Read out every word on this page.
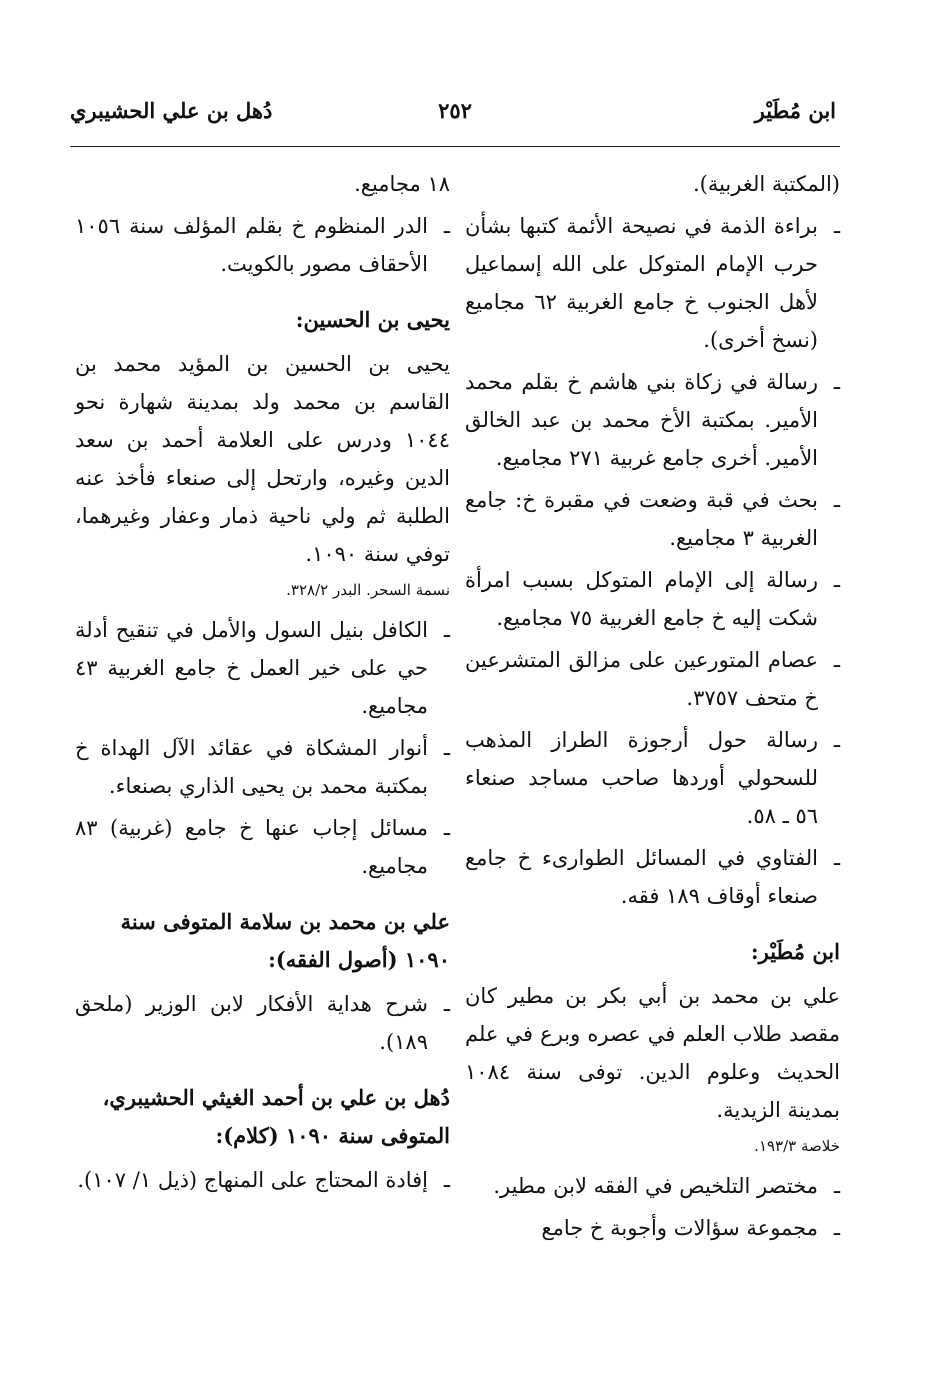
ابن مُطَيْر
٢٥٢
دُهل بن علي الحشيبري

(المكتبة الغربية).

ـ
براءة الذمة في نصيحة الأئمة كتبها بشأن حرب الإمام المتوكل على الله إسماعيل لأهل الجنوب خ جامع الغربية ٦٢ مجاميع (نسخ أخرى).
ـ
رسالة في زكاة بني هاشم خ بقلم محمد الأمير. بمكتبة الأخ محمد بن عبد الخالق الأمير. أخرى جامع غربية ٢٧١ مجاميع.
ـ
بحث في قبة وضعت في مقبرة خ: جامع الغربية ٣ مجاميع.
ـ
رسالة إلى الإمام المتوكل بسبب امرأة شكت إليه خ جامع الغربية ٧٥ مجاميع.
ـ
عصام المتورعين على مزالق المتشرعين خ متحف ٣٧٥٧.
ـ
رسالة حول أرجوزة الطراز المذهب للسحولي أوردها صاحب مساجد صنعاء ٥٦ ـ ٥٨.
ـ
الفتاوي في المسائل الطوارىء خ جامع صنعاء أوقاف ١٨٩ فقه.
ابن مُطَيْر:

علي بن محمد بن أبي بكر بن مطير كان مقصد طلاب العلم في عصره وبرع في علم الحديث وعلوم الدين. توفى سنة ١٠٨٤ بمدينة الزيدية.

خلاصة ١٩٣/٣.

ـ
مختصر التلخيص في الفقه لابن مطير.
ـ
مجموعة سؤالات وأجوبة خ جامع

١٨ مجاميع.

ـ
الدر المنظوم خ بقلم المؤلف سنة ١٠٥٦ الأحقاف مصور بالكويت.
يحيى بن الحسين:

يحيى بن الحسين بن المؤيد محمد بن القاسم بن محمد ولد بمدينة شهارة نحو ١٠٤٤ ودرس على العلامة أحمد بن سعد الدين وغيره، وارتحل إلى صنعاء فأخذ عنه الطلبة ثم ولي ناحية ذمار وعفار وغيرهما، توفي سنة ١٠٩٠.

نسمة السحر. البدر ٣٢٨/٢.

ـ
الكافل بنيل السول والأمل في تنقيح أدلة حي على خير العمل خ جامع الغربية ٤٣ مجاميع.
ـ
أنوار المشكاة في عقائد الآل الهداة خ بمكتبة محمد بن يحيى الذاري بصنعاء.
ـ
مسائل إجاب عنها خ جامع (غربية) ٨٣ مجاميع.
علي بن محمد بن سلامة المتوفى سنة ١٠٩٠ (أصول الفقه):
ـ
شرح هداية الأفكار لابن الوزير (ملحق ١٨٩).
دُهل بن علي بن أحمد الغيثي الحشيبري، المتوفى سنة ١٠٩٠ (كلام):
ـ
إفادة المحتاج على المنهاج (ذيل ١/ ١٠٧).
